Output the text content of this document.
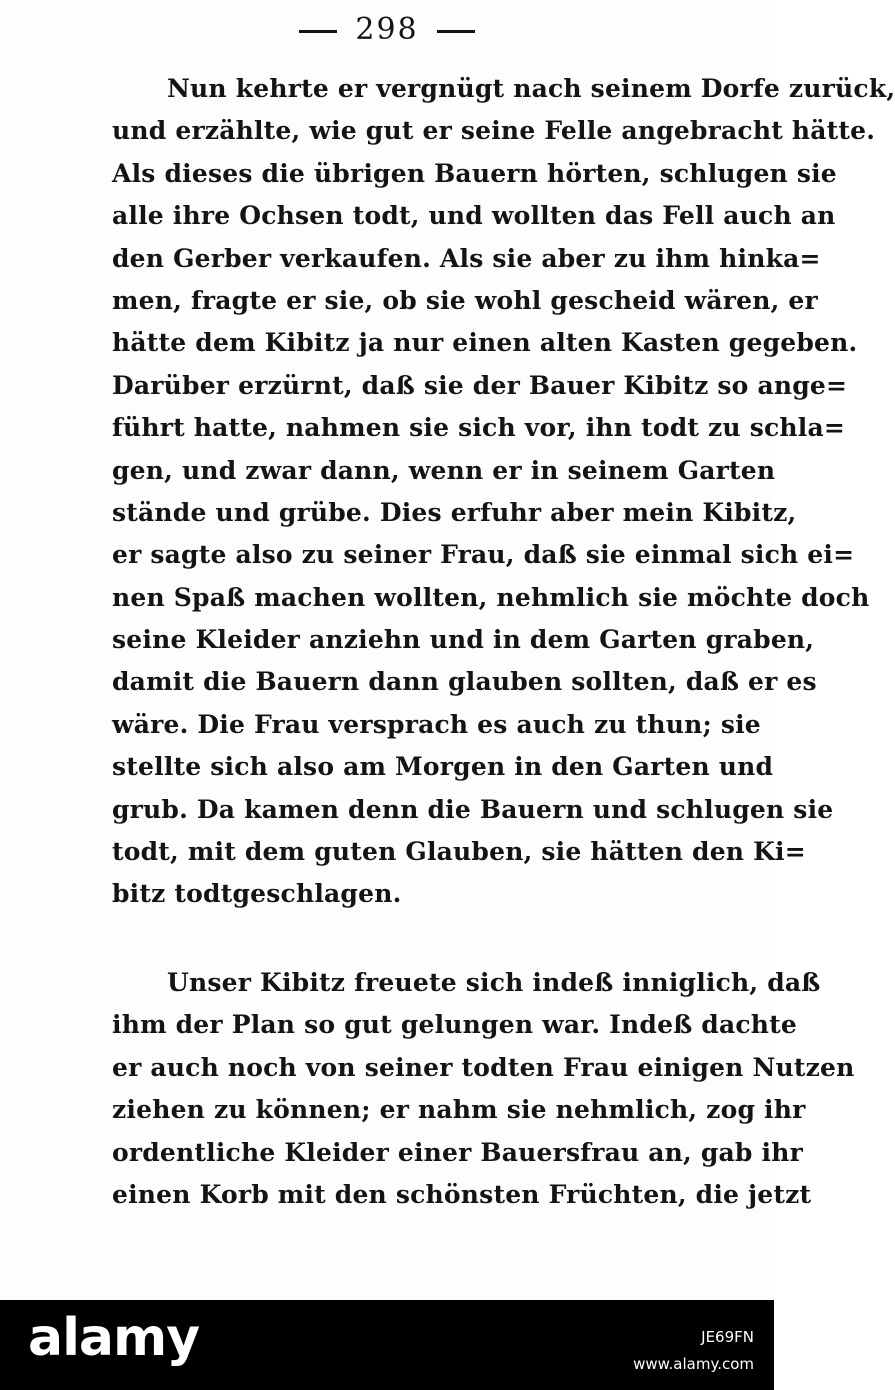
298
Nun kehrte er vergnügt nach seinem Dorfe zurück,
und erzählte, wie gut er seine Felle angebracht hätte.
Als dieses die übrigen Bauern hörten, schlugen sie
alle ihre Ochsen todt, und wollten das Fell auch an
den Gerber verkaufen. Als sie aber zu ihm hinka=
men, fragte er sie, ob sie wohl gescheid wären, er
hätte dem Kibitz ja nur einen alten Kasten gegeben.
Darüber erzürnt, daß sie der Bauer Kibitz so ange=
führt hatte, nahmen sie sich vor, ihn todt zu schla=
gen, und zwar dann, wenn er in seinem Garten
stände und grübe. Dies erfuhr aber mein Kibitz,
er sagte also zu seiner Frau, daß sie einmal sich ei=
nen Spaß machen wollten, nehmlich sie möchte doch
seine Kleider anziehn und in dem Garten graben,
damit die Bauern dann glauben sollten, daß er es
wäre. Die Frau versprach es auch zu thun; sie
stellte sich also am Morgen in den Garten und
grub. Da kamen denn die Bauern und schlugen sie
todt, mit dem guten Glauben, sie hätten den Ki=
bitz todtgeschlagen.
Unser Kibitz freuete sich indeß inniglich, daß
ihm der Plan so gut gelungen war. Indeß dachte
er auch noch von seiner todten Frau einigen Nutzen
ziehen zu können; er nahm sie nehmlich, zog ihr
ordentliche Kleider einer Bauersfrau an, gab ihr
einen Korb mit den schönsten Früchten, die jetzt
alamy	JE69FN
www.alamy.com
